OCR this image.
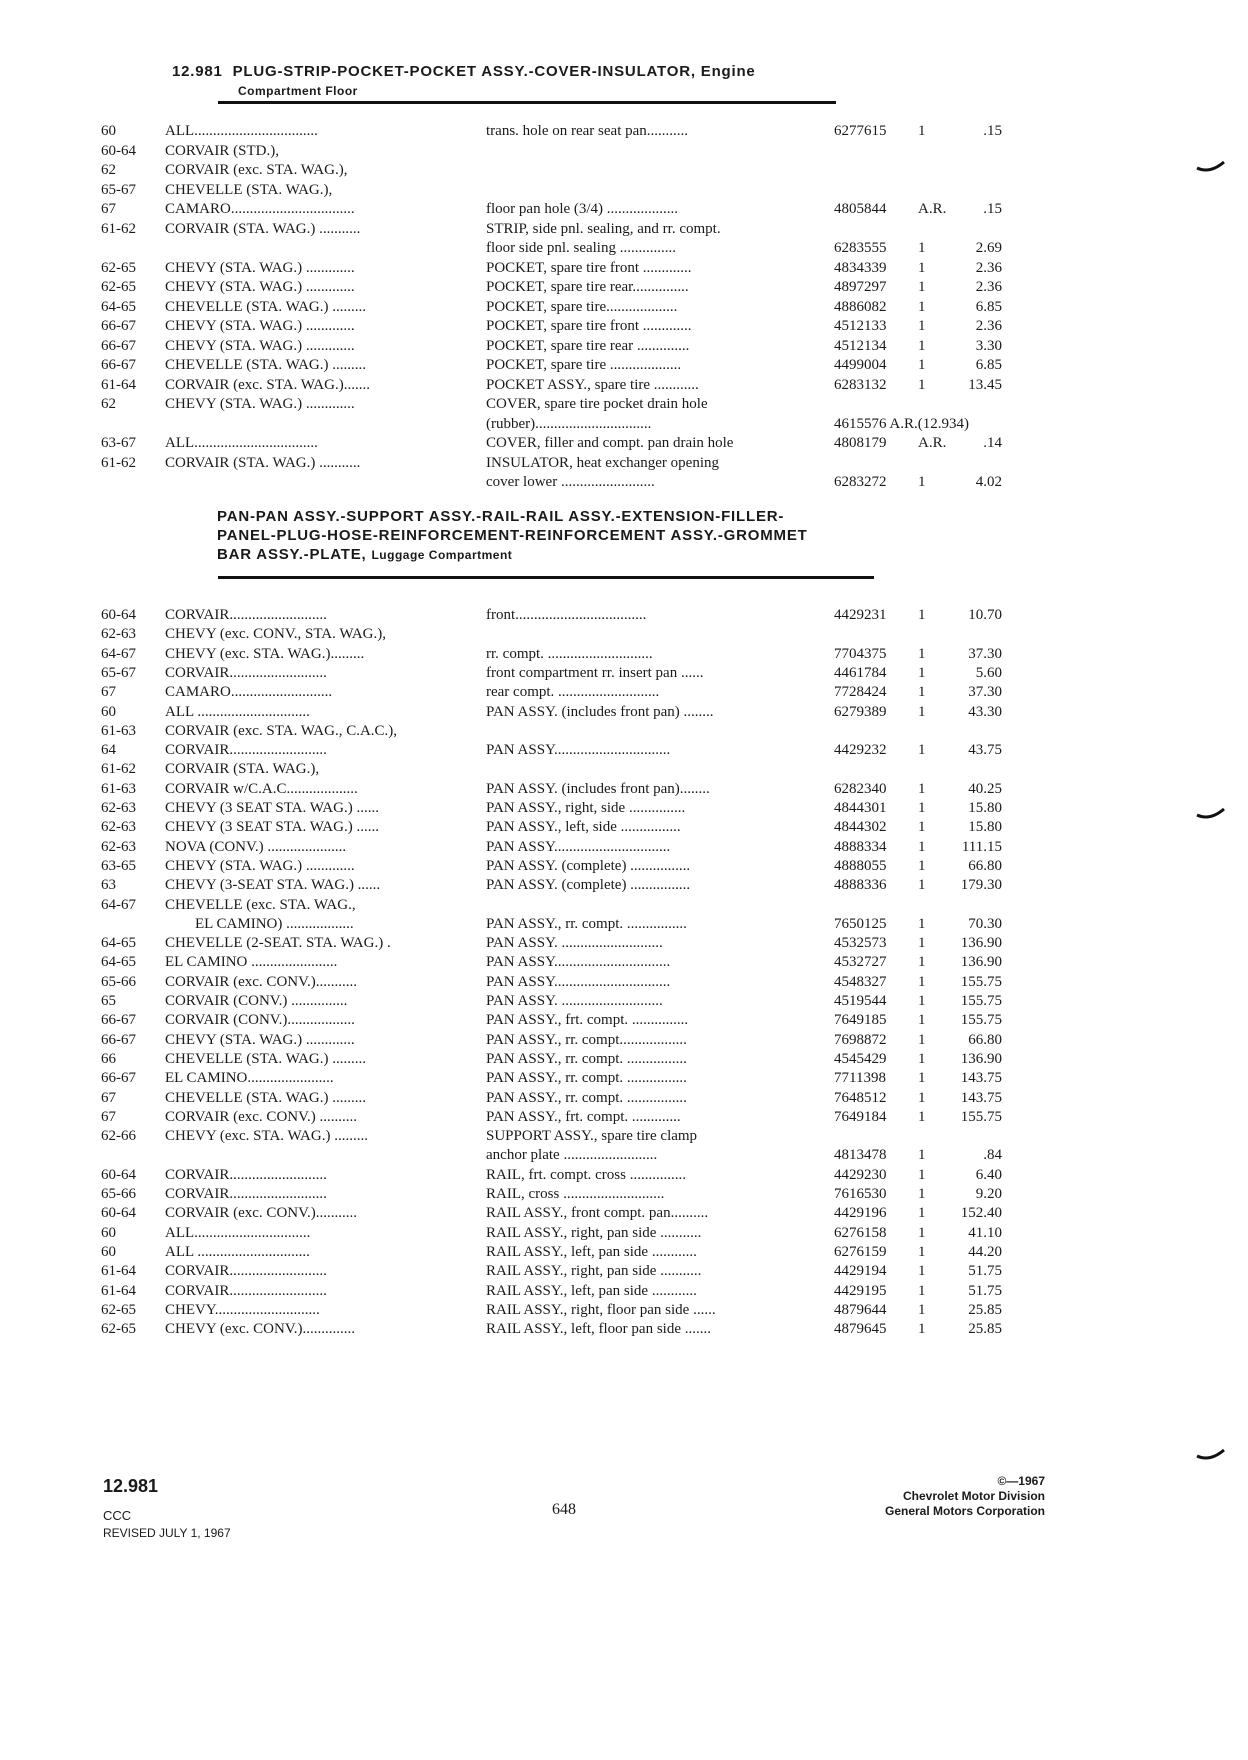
12.981 PLUG-STRIP-POCKET-POCKET ASSY.-COVER-INSULATOR, Engine
Compartment Floor
60	ALL.................................	trans. hole on rear seat pan...........	6277615 1	.15
60-64 CORVAIR (STD.),
62	CORVAIR (exc. STA. WAG.),
65-67 CHEVELLE (STA. WAG.),
67	CAMARO.................................	floor pan hole (3/4) ...................	4805844 A.R. .15
61-62 CORVAIR (STA. WAG.) ...........	STRIP, side pnl. sealing, and rr. compt.
floor side pnl. sealing ...............	6283555 1	2.69
62-65 CHEVY (STA. WAG.) .............	POCKET, spare tire front .............	4834339 1	2.36
62-65 CHEVY (STA. WAG.) .............	POCKET, spare tire rear...............	4897297 1	2.36
64-65 CHEVELLE (STA. WAG.) .........	POCKET, spare tire...................	4886082 1	6.85
66-67 CHEVY (STA. WAG.) .............	POCKET, spare tire front .............	4512133 1	2.36
66-67 CHEVY (STA. WAG.) .............	POCKET, spare tire rear ..............	4512134 1	3.30
66-67 CHEVELLE (STA. WAG.) .........	POCKET, spare tire ...................	4499004 1	6.85
61-64 CORVAIR (exc. STA. WAG.).......	POCKET ASSY., spare tire ............	6283132 1	13.45
62	CHEVY (STA. WAG.) .............	COVER, spare tire pocket drain hole
(rubber)...............................	4615576 A.R.(12.934)
63-67 ALL.................................	COVER, filler and compt. pan drain hole	4808179 A.R. .14
61-62 CORVAIR (STA. WAG.) ...........	INSULATOR, heat exchanger opening
cover lower .........................	6283272 1	4.02
PAN-PAN ASSY.-SUPPORT ASSY.-RAIL-RAIL ASSY.-EXTENSION-FILLER-
PANEL-PLUG-HOSE-REINFORCEMENT-REINFORCEMENT ASSY.-GROMMET
BAR ASSY.-PLATE, Luggage Compartment
60-64 CORVAIR..........................	front...................................	4429231 1	10.70
62-63 CHEVY (exc. CONV., STA. WAG.),
64-67 CHEVY (exc. STA. WAG.).........	rr. compt. ............................	7704375 1	37.30
65-67 CORVAIR..........................	front compartment rr. insert pan ......	4461784 1	5.60
67	CAMARO...........................	rear compt. ...........................	7728424 1	37.30
60	ALL ..............................	PAN ASSY. (includes front pan) ........	6279389 1	43.30
61-63 CORVAIR (exc. STA. WAG., C.A.C.),
64	CORVAIR..........................	PAN ASSY...............................	4429232 1	43.75
61-62 CORVAIR (STA. WAG.),
61-63 CORVAIR w/C.A.C...................	PAN ASSY. (includes front pan)........	6282340 1	40.25
62-63 CHEVY (3 SEAT STA. WAG.) ......	PAN ASSY., right, side ...............	4844301 1	15.80
62-63 CHEVY (3 SEAT STA. WAG.) ......	PAN ASSY., left, side ................	4844302 1	15.80
62-63 NOVA (CONV.) .....................	PAN ASSY...............................	4888334 1 111.15
63-65 CHEVY (STA. WAG.) .............	PAN ASSY. (complete) ................	4888055 1	66.80
63	CHEVY (3-SEAT STA. WAG.) ......	PAN ASSY. (complete) ................	4888336 1 179.30
64-67 CHEVELLE (exc. STA. WAG.,
EL CAMINO) ..................	PAN ASSY., rr. compt. ................	7650125 1	70.30
64-65 CHEVELLE (2-SEAT. STA. WAG.) .	PAN ASSY. ...........................	4532573 1 136.90
64-65 EL CAMINO .......................	PAN ASSY...............................	4532727 1 136.90
65-66 CORVAIR (exc. CONV.)...........	PAN ASSY...............................	4548327 1 155.75
65	CORVAIR (CONV.) ...............	PAN ASSY. ...........................	4519544 1 155.75
66-67 CORVAIR (CONV.)..................	PAN ASSY., frt. compt. ...............	7649185 1 155.75
66-67 CHEVY (STA. WAG.) .............	PAN ASSY., rr. compt..................	7698872 1	66.80
66	CHEVELLE (STA. WAG.) .........	PAN ASSY., rr. compt. ................	4545429 1 136.90
66-67 EL CAMINO.......................	PAN ASSY., rr. compt. ................	7711398 1 143.75
67	CHEVELLE (STA. WAG.) .........	PAN ASSY., rr. compt. ................	7648512 1 143.75
67	CORVAIR (exc. CONV.) ..........	PAN ASSY., frt. compt. .............	7649184 1 155.75
62-66 CHEVY (exc. STA. WAG.) .........	SUPPORT ASSY., spare tire clamp
anchor plate .........................	4813478 1	.84
60-64 CORVAIR..........................	RAIL, frt. compt. cross ...............	4429230 1	6.40
65-66 CORVAIR..........................	RAIL, cross ...........................	7616530 1	9.20
60-64 CORVAIR (exc. CONV.)...........	RAIL ASSY., front compt. pan..........	4429196 1 152.40
60	ALL...............................	RAIL ASSY., right, pan side ...........	6276158 1	41.10
60	ALL ..............................	RAIL ASSY., left, pan side ............	6276159 1	44.20
61-64 CORVAIR..........................	RAIL ASSY., right, pan side ...........	4429194 1	51.75
61-64 CORVAIR..........................	RAIL ASSY., left, pan side ............	4429195 1	51.75
62-65 CHEVY............................	RAIL ASSY., right, floor pan side ......	4879644 1	25.85
62-65 CHEVY (exc. CONV.)..............	RAIL ASSY., left, floor pan side .......	4879645 1	25.85
12.981
CCC
REVISED JULY 1, 1967
648
©—1967
Chevrolet Motor Division
General Motors Corporation
